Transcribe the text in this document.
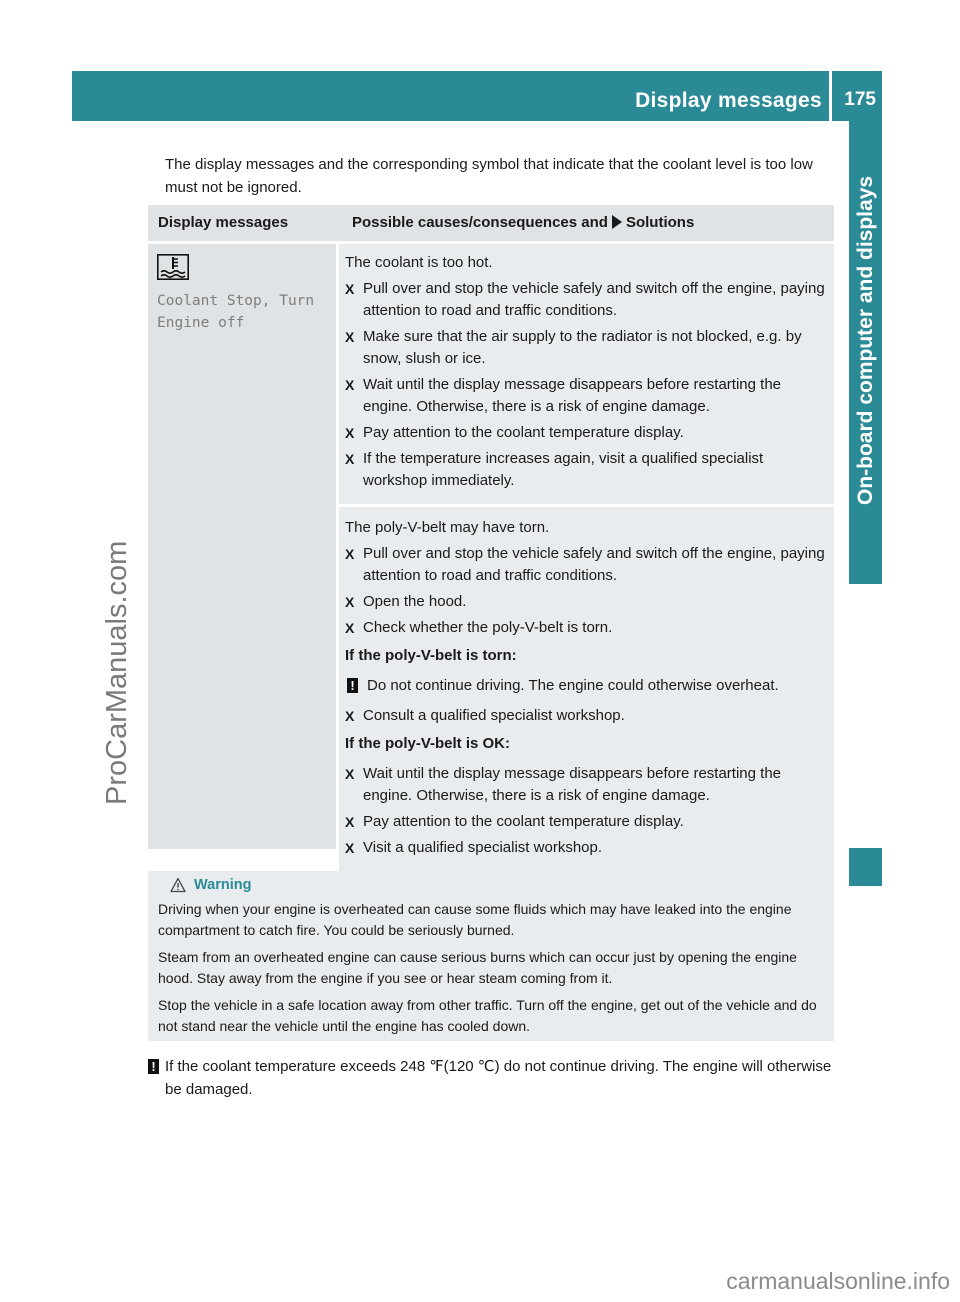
Display messages 175
On-board computer and displays
ProCarManuals.com
The display messages and the corresponding symbol that indicate that the coolant level is too low must not be ignored.
Display messages	Possible causes/consequences and Solutions
Coolant Stop, Turn
Engine off

The coolant is too hot.

X Pull over and stop the vehicle safely and switch off the engine, paying attention to road and traffic conditions.
X Make sure that the air supply to the radiator is not blocked, e.g. by snow, slush or ice.
X Wait until the display message disappears before restarting the engine. Otherwise, there is a risk of engine damage.
X Pay attention to the coolant temperature display.
X If the temperature increases again, visit a qualified specialist workshop immediately.

The poly-V-belt may have torn.

X Pull over and stop the vehicle safely and switch off the engine, paying attention to road and traffic conditions.
X Open the hood.
X Check whether the poly-V-belt is torn.
If the poly-V-belt is torn:
! Do not continue driving. The engine could otherwise overheat.
X Consult a qualified specialist workshop.
If the poly-V-belt is OK:
X Wait until the display message disappears before restarting the engine. Otherwise, there is a risk of engine damage.
X Pay attention to the coolant temperature display.
X Visit a qualified specialist workshop.
Warning

Driving when your engine is overheated can cause some fluids which may have leaked into the engine compartment to catch fire. You could be seriously burned.

Steam from an overheated engine can cause serious burns which can occur just by opening the engine hood. Stay away from the engine if you see or hear steam coming from it.

Stop the vehicle in a safe location away from other traffic. Turn off the engine, get out of the vehicle and do not stand near the vehicle until the engine has cooled down.

! If the coolant temperature exceeds 248 ℉(120 ℃) do not continue driving. The engine will otherwise be damaged.
carmanualsonline.info
